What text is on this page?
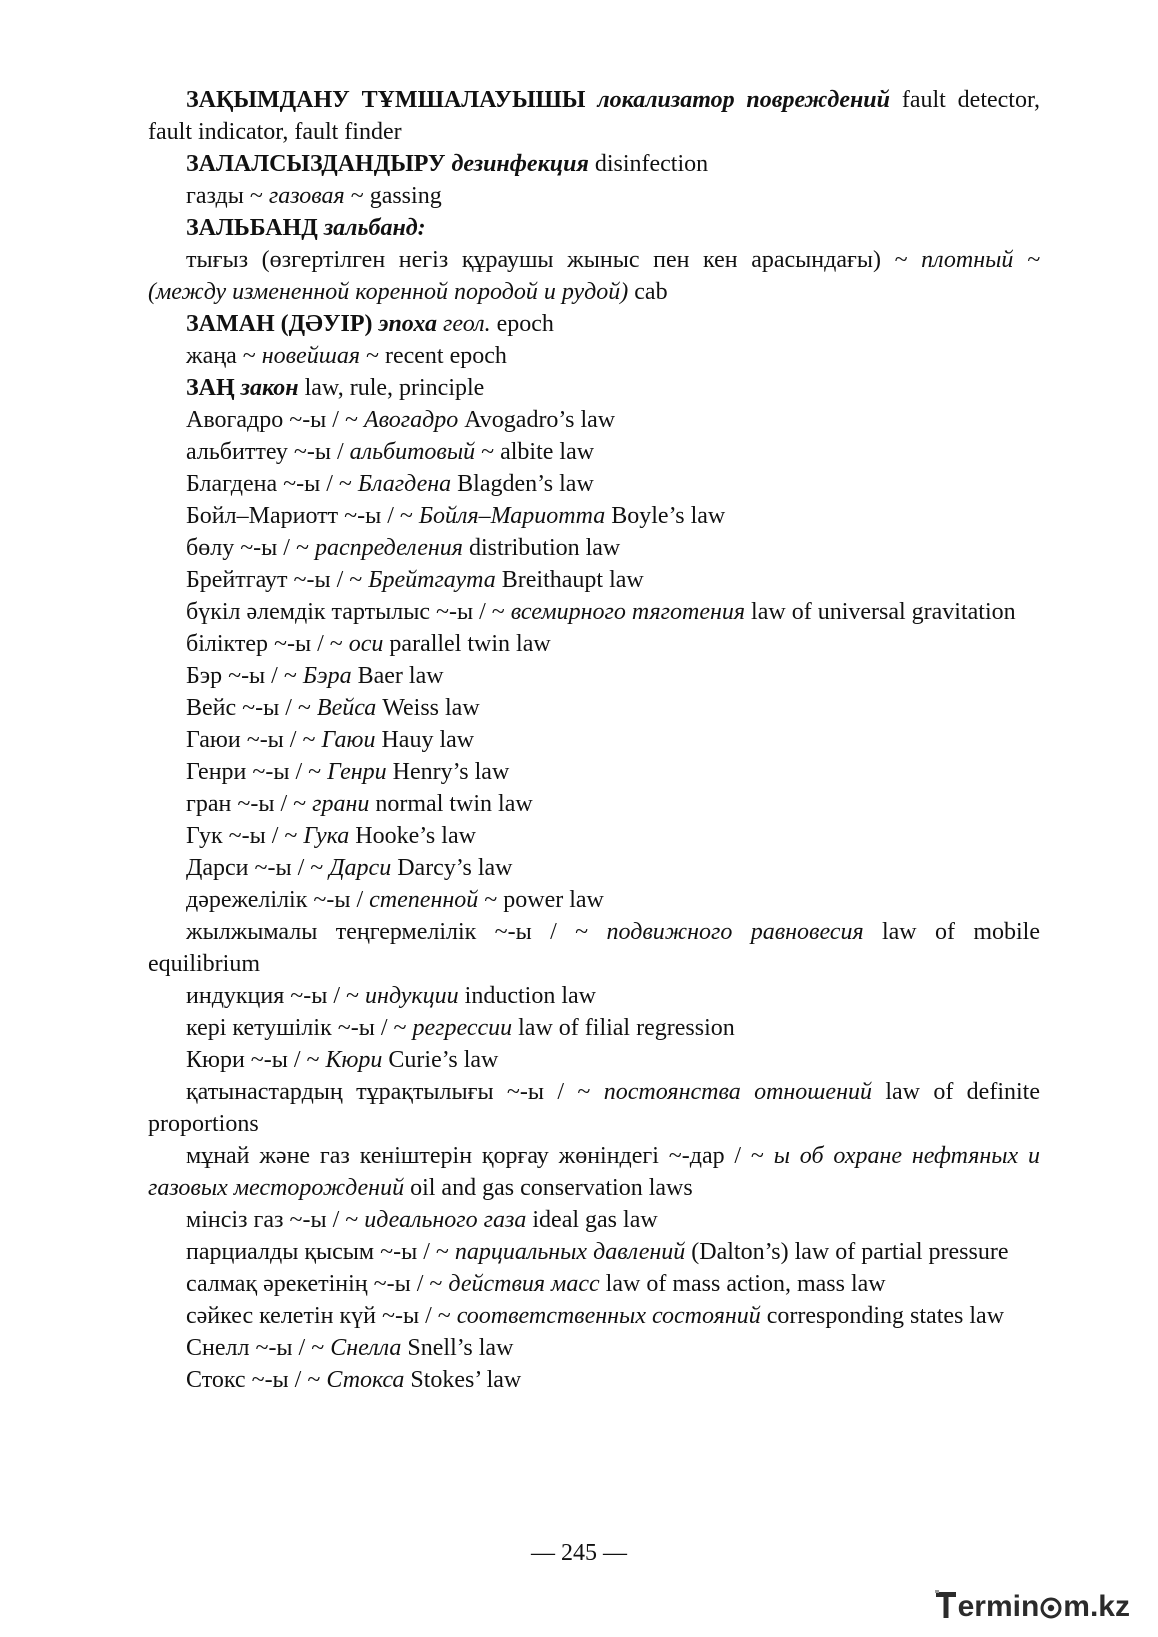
ЗАҚЫМДАНУ ТҰМШАЛАУЫШЫ локализатор повреждений fault detector, fault indicator, fault finder

ЗАЛАЛСЫЗДАНДЫРУ дезинфекция disinfection

газды ~ газовая ~ gassing

ЗАЛЬБАНД зальбанд:

тығыз (өзгертілген негіз құраушы жыныс пен кен арасындағы) ~ плотный ~ (между измененной коренной породой и рудой) cab

ЗАМАН (ДӘУІР) эпоха геол. epoch

жаңа ~ новейшая ~ recent epoch

ЗАҢ закон law, rule, principle

Авогадро ~-ы / ~ Авогадро Avogadro’s law

альбиттеу ~-ы / альбитовый ~ albite law

Благдена ~-ы / ~ Благдена Blagden’s law

Бойл–Мариотт ~-ы / ~ Бойля–Мариотта Boyle’s law

бөлу ~-ы / ~ распределения distribution law

Брейтгаут ~-ы / ~ Брейтгаута Breithaupt law

бүкіл әлемдік тартылыс ~-ы / ~ всемирного тяготения law of universal gravitation

біліктер ~-ы / ~ оси parallel twin law

Бэр ~-ы / ~ Бэра Baer law

Вейс ~-ы / ~ Вейса Weiss law

Гаюи ~-ы / ~ Гаюи Hauy law

Генри ~-ы / ~ Генри Henry’s law

гран ~-ы / ~ грани normal twin law

Гук ~-ы / ~ Гука Hooke’s law

Дарси ~-ы / ~ Дарси Darcy’s law

дәрежелілік ~-ы / степенной ~ power law

жылжымалы теңгермелілік ~-ы / ~ подвижного равновесия law of mobile equilibrium

индукция ~-ы / ~ индукции induction law

кері кетушілік ~-ы / ~ регрессии law of filial regression

Кюри ~-ы / ~ Кюри Curie’s law

қатынастардың тұрақтылығы ~-ы / ~ постоянства отношений law of definite proportions

мұнай және газ кеніштерін қорғау жөніндегі ~-дар / ~ ы об охране нефтяных и газовых месторождений oil and gas conservation laws

мінсіз газ ~-ы / ~ идеального газа ideal gas law

парциалды қысым ~-ы / ~ парциальных давлений (Dalton’s) law of partial pressure

салмақ әрекетінің ~-ы / ~ действия масс law of mass action, mass law

сәйкес келетін күй ~-ы / ~ соответственных состояний corresponding states law

Снелл ~-ы / ~ Снелла Snell’s law

Стокс ~-ы / ~ Стокса Stokes’ law

— 245 —
ermin m.kz
